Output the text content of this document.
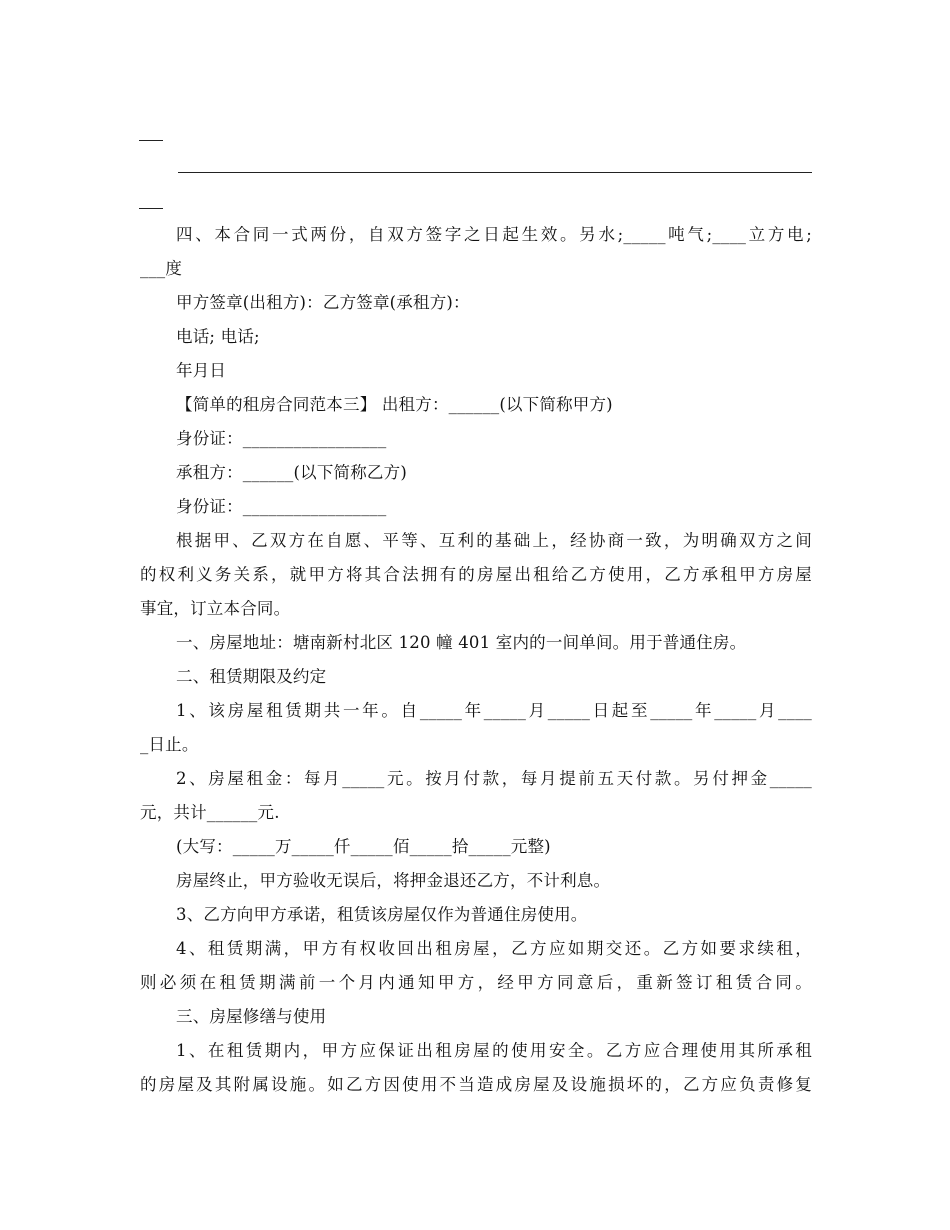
四、本合同一式两份，自双方签字之日起生效。另水;_____吨气;____立方电;
___度
甲方签章(出租方)：乙方签章(承租方)：
电话; 电话;
年月日
【简单的租房合同范本三】 出租方：______(以下简称甲方)
身份证：_________________
承租方：______(以下简称乙方)
身份证：_________________
根据甲、乙双方在自愿、平等、互利的基础上，经协商一致，为明确双方之间
的权利义务关系，就甲方将其合法拥有的房屋出租给乙方使用，乙方承租甲方房屋
事宜，订立本合同。
一、房屋地址：塘南新村北区 120 幢 401 室内的一间单间。用于普通住房。
二、租赁期限及约定
1、该房屋租赁期共一年。自_____年_____月_____日起至_____年_____月____
_日止。
2、房屋租金：每月_____元。按月付款，每月提前五天付款。另付押金_____
元，共计______元.
(大写：_____万_____仟_____佰_____拾_____元整)
房屋终止，甲方验收无误后，将押金退还乙方，不计利息。
3、乙方向甲方承诺，租赁该房屋仅作为普通住房使用。
4、租赁期满，甲方有权收回出租房屋，乙方应如期交还。乙方如要求续租，
则必须在租赁期满前一个月内通知甲方，经甲方同意后，重新签订租赁合同。
三、房屋修缮与使用
1、在租赁期内，甲方应保证出租房屋的使用安全。乙方应合理使用其所承租
的房屋及其附属设施。如乙方因使用不当造成房屋及设施损坏的，乙方应负责修复
